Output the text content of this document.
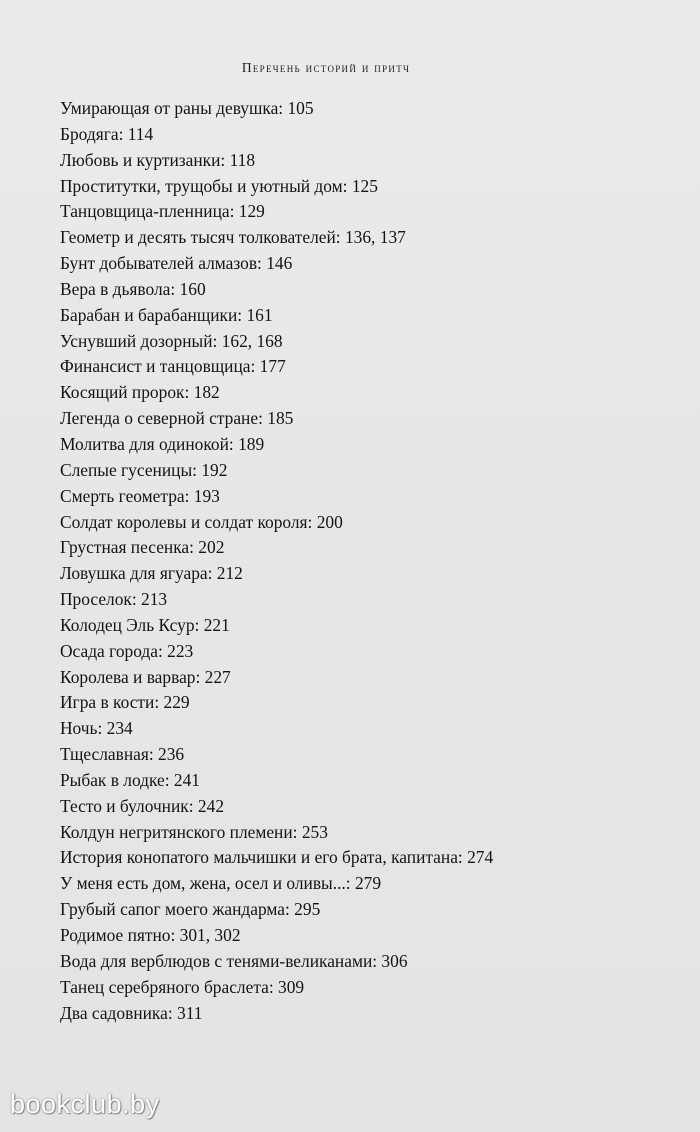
Перечень историй и притч
Умирающая от раны девушка: 105
Бродяга: 114
Любовь и куртизанки: 118
Проститутки, трущобы и уютный дом: 125
Танцовщица-пленница: 129
Геометр и десять тысяч толкователей: 136, 137
Бунт добывателей алмазов: 146
Вера в дьявола: 160
Барабан и барабанщики: 161
Уснувший дозорный: 162, 168
Финансист и танцовщица: 177
Косящий пророк: 182
Легенда о северной стране: 185
Молитва для одинокой: 189
Слепые гусеницы: 192
Смерть геометра: 193
Солдат королевы и солдат короля: 200
Грустная песенка: 202
Ловушка для ягуара: 212
Проселок: 213
Колодец Эль Ксур: 221
Осада города: 223
Королева и варвар: 227
Игра в кости: 229
Ночь: 234
Тщеславная: 236
Рыбак в лодке: 241
Тесто и булочник: 242
Колдун негритянского племени: 253
История конопатого мальчишки и его брата, капитана: 274
У меня есть дом, жена, осел и оливы...: 279
Грубый сапог моего жандарма: 295
Родимое пятно: 301, 302
Вода для верблюдов с тенями-великанами: 306
Танец серебряного браслета: 309
Два садовника: 311
bookclub.by
